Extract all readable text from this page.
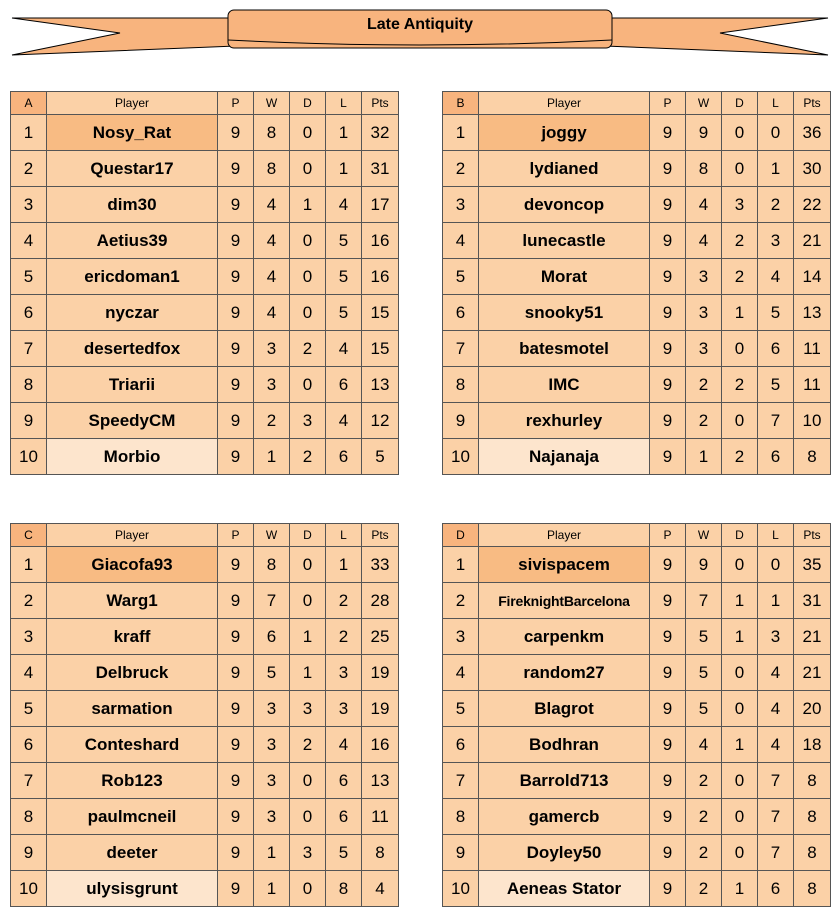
Late Antiquity
A	Player	P	W	D	L	Pts
1	Nosy_Rat	9	8	0	1	32
2	Questar17	9	8	0	1	31
3	dim30	9	4	1	4	17
4	Aetius39	9	4	0	5	16
5	ericdoman1	9	4	0	5	16
6	nyczar	9	4	0	5	15
7	desertedfox	9	3	2	4	15
8	Triarii	9	3	0	6	13
9	SpeedyCM	9	2	3	4	12
10	Morbio	9	1	2	6	5
B	Player	P	W	D	L	Pts
1	joggy	9	9	0	0	36
2	lydianed	9	8	0	1	30
3	devoncop	9	4	3	2	22
4	lunecastle	9	4	2	3	21
5	Morat	9	3	2	4	14
6	snooky51	9	3	1	5	13
7	batesmotel	9	3	0	6	11
8	IMC	9	2	2	5	11
9	rexhurley	9	2	0	7	10
10	Najanaja	9	1	2	6	8
C	Player	P	W	D	L	Pts
1	Giacofa93	9	8	0	1	33
2	Warg1	9	7	0	2	28
3	kraff	9	6	1	2	25
4	Delbruck	9	5	1	3	19
5	sarmation	9	3	3	3	19
6	Conteshard	9	3	2	4	16
7	Rob123	9	3	0	6	13
8	paulmcneil	9	3	0	6	11
9	deeter	9	1	3	5	8
10	ulysisgrunt	9	1	0	8	4
D	Player	P	W	D	L	Pts
1	sivispacem	9	9	0	0	35
2	FireknightBarcelona	9	7	1	1	31
3	carpenkm	9	5	1	3	21
4	random27	9	5	0	4	21
5	Blagrot	9	5	0	4	20
6	Bodhran	9	4	1	4	18
7	Barrold713	9	2	0	7	8
8	gamercb	9	2	0	7	8
9	Doyley50	9	2	0	7	8
10	Aeneas Stator	9	2	1	6	8
